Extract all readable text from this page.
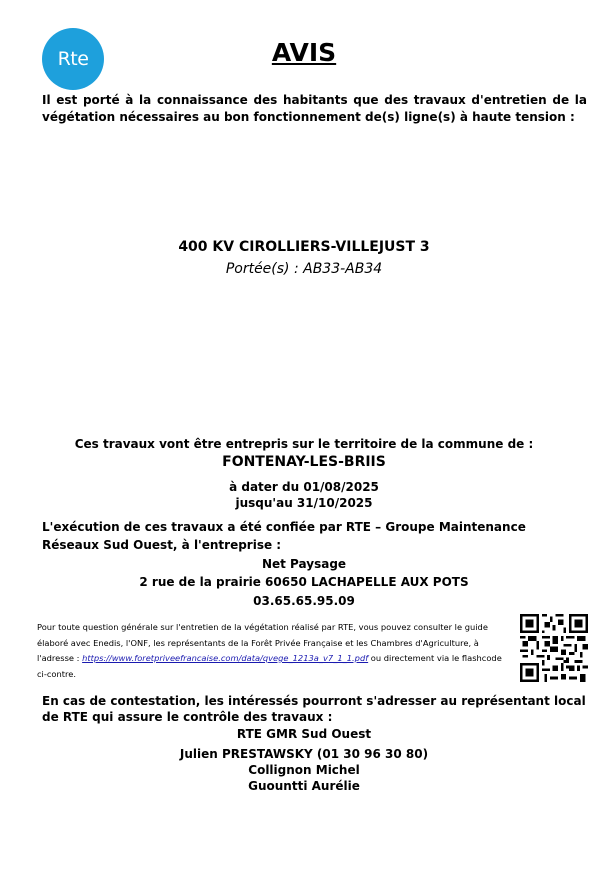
Rte	AVIS
Il est porté à la connaissance des habitants que des travaux d'entretien de la végétation nécessaires au bon fonctionnement de(s) ligne(s) à haute tension :
400 KV CIROLLIERS-VILLEJUST 3
Portée(s) : AB33-AB34
Ces travaux vont être entrepris sur le territoire de la commune de :
FONTENAY-LES-BRIIS
à dater du 01/08/2025
jusqu'au 31/10/2025
L'exécution de ces travaux a été confiée par RTE – Groupe Maintenance Réseaux Sud Ouest, à l'entreprise :
Net Paysage
2 rue de la prairie 60650 LACHAPELLE AUX POTS
03.65.65.95.09
Pour toute question générale sur l'entretien de la végétation réalisé par RTE, vous pouvez consulter le guide élaboré avec Enedis, l'ONF, les représentants de la Forêt Privée Française et les Chambres d'Agriculture, à l'adresse : https://www.foretpriveefrancaise.com/data/qvege_1213a_v7_1_1.pdf ou directement via le flashcode ci-contre.
En cas de contestation, les intéressés pourront s'adresser au représentant local de RTE qui assure le contrôle des travaux :
RTE GMR Sud Ouest
Julien PRESTAWSKY (01 30 96 30 80)
Collignon Michel
Guountti Aurélie
